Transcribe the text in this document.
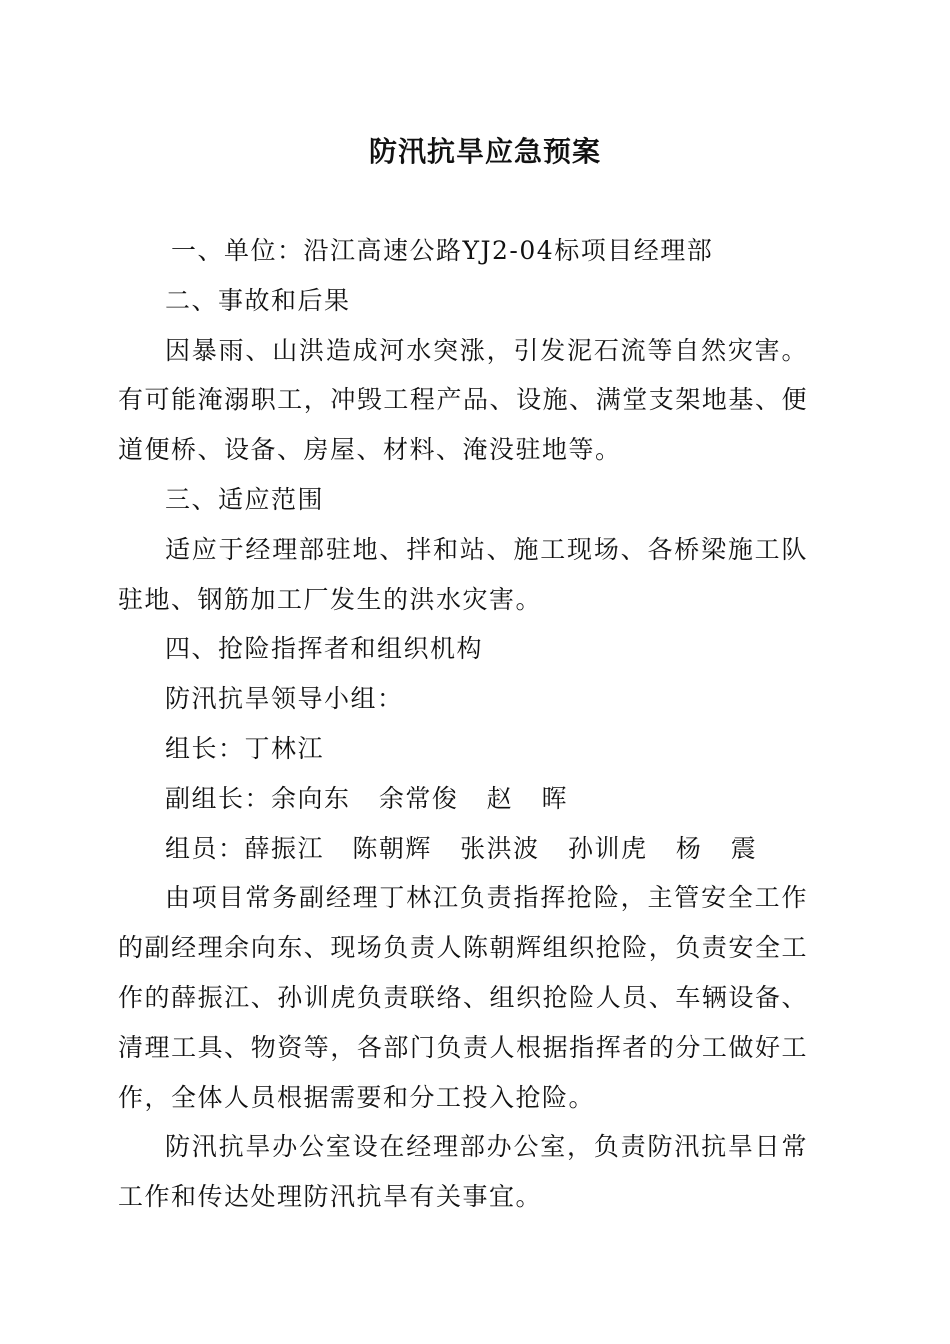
防汛抗旱应急预案

一、单位：沿江高速公路YJ2-04标项目经理部

二、事故和后果

因暴雨、山洪造成河水突涨，引发泥石流等自然灾害。有可能淹溺职工，冲毁工程产品、设施、满堂支架地基、便道便桥、设备、房屋、材料、淹没驻地等。

三、适应范围

适应于经理部驻地、拌和站、施工现场、各桥梁施工队驻地、钢筋加工厂发生的洪水灾害。

四、抢险指挥者和组织机构

防汛抗旱领导小组：

组长：丁林江

副组长：余向东   余常俊   赵   晖

组员：薛振江   陈朝辉   张洪波   孙训虎   杨   震

由项目常务副经理丁林江负责指挥抢险，主管安全工作的副经理余向东、现场负责人陈朝辉组织抢险，负责安全工作的薛振江、孙训虎负责联络、组织抢险人员、车辆设备、清理工具、物资等，各部门负责人根据指挥者的分工做好工作，全体人员根据需要和分工投入抢险。

防汛抗旱办公室设在经理部办公室，负责防汛抗旱日常工作和传达处理防汛抗旱有关事宜。
